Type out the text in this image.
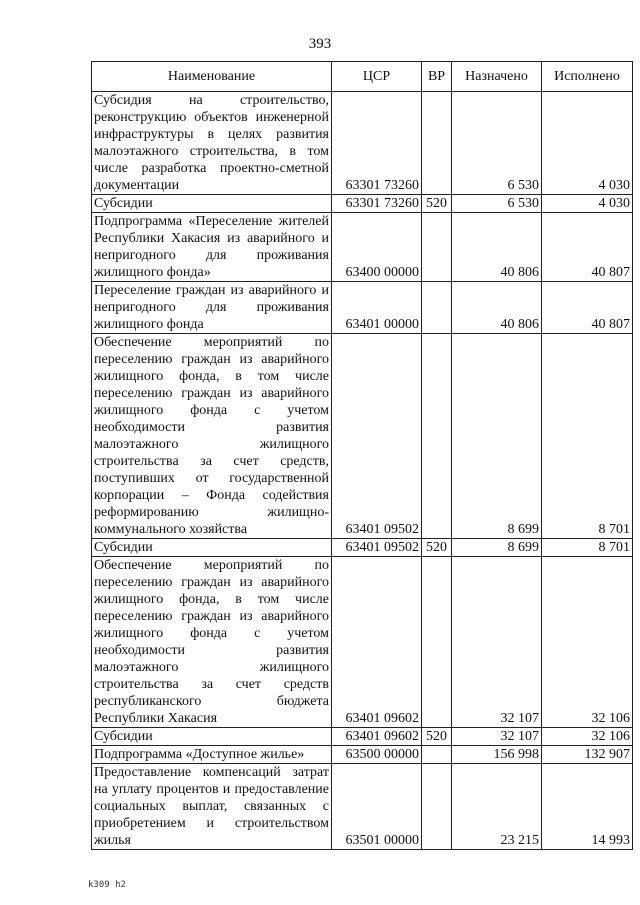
393
Наименование	ЦСР	ВР	Назначено	Исполнено
Субсидия на строительство, реконструкцию объектов инженерной инфраструктуры в целях развития малоэтажного строительства, в том числе разработка проектно-сметной документации	63301 73260		6 530	4 030
Субсидии	63301 73260	520	6 530	4 030
Подпрограмма «Переселение жителей Республики Хакасия из аварийного и непригодного для проживания жилищного фонда»	63400 00000		40 806	40 807
Переселение граждан из аварийного и непригодного для проживания жилищного фонда	63401 00000		40 806	40 807
Обеспечение мероприятий по переселению граждан из аварийного жилищного фонда, в том числе переселению граждан из аварийного жилищного фонда с учетом необходимости развития малоэтажного жилищного строительства за счет средств, поступивших от государственной корпорации – Фонда содействия реформированию жилищно-коммунального хозяйства	63401 09502		8 699	8 701
Субсидии	63401 09502	520	8 699	8 701
Обеспечение мероприятий по переселению граждан из аварийного жилищного фонда, в том числе переселению граждан из аварийного жилищного фонда с учетом необходимости развития малоэтажного жилищного строительства за счет средств республиканского бюджета Республики Хакасия	63401 09602		32 107	32 106
Субсидии	63401 09602	520	32 107	32 106
Подпрограмма «Доступное жилье»	63500 00000		156 998	132 907
Предоставление компенсаций затрат на уплату процентов и предоставление социальных выплат, связанных с приобретением и строительством жилья	63501 00000		23 215	14 993
k309 h2
